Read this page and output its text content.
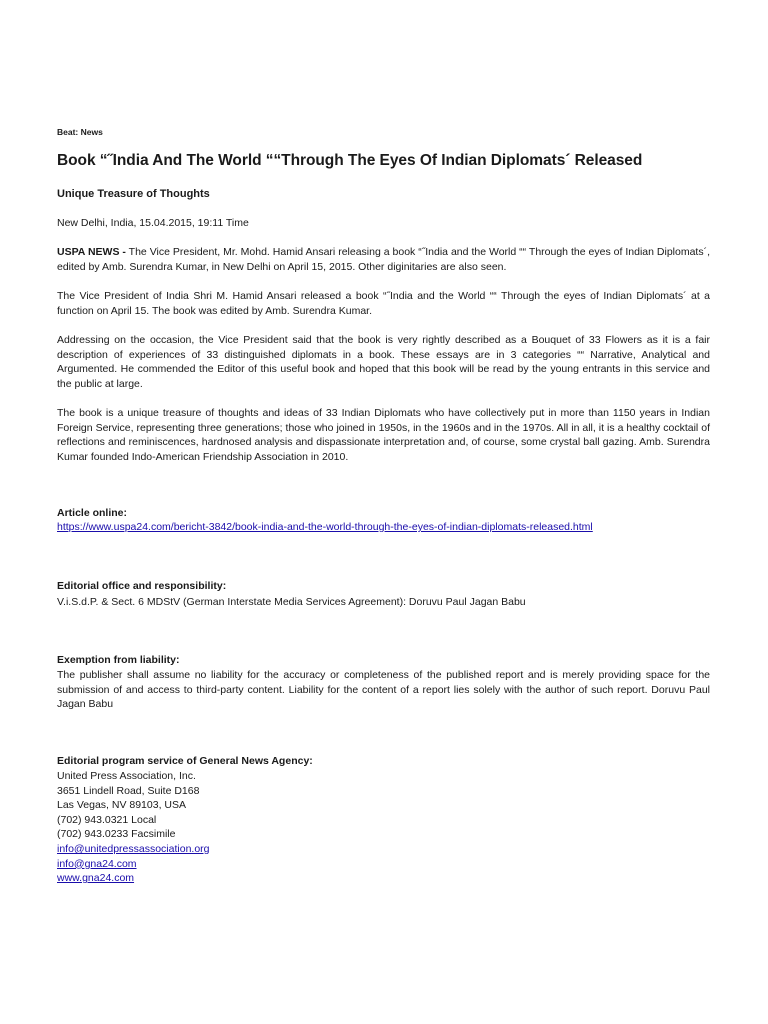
Beat: News
Book “˝India And The World ““Through The Eyes Of Indian Diplomats´ Released
Unique Treasure of Thoughts
New Delhi, India, 15.04.2015, 19:11 Time

USPA NEWS - The Vice President, Mr. Mohd. Hamid Ansari releasing a book “˝India and the World ““ Through the eyes of Indian Diplomats´, edited by Amb. Surendra Kumar, in New Delhi on April 15, 2015. Other diginitaries are also seen.

The Vice President of India Shri M. Hamid Ansari released a book “˝India and the World ““ Through the eyes of Indian Diplomats´ at a function on April 15. The book was edited by Amb. Surendra Kumar.

Addressing on the occasion, the Vice President said that the book is very rightly described as a Bouquet of 33 Flowers as it is a fair description of experiences of 33 distinguished diplomats in a book. These essays are in 3 categories ““ Narrative, Analytical and Argumented. He commended the Editor of this useful book and hoped that this book will be read by the young entrants in this service and the public at large.

The book is a unique treasure of thoughts and ideas of 33 Indian Diplomats who have collectively put in more than 1150 years in Indian Foreign Service, representing three generations; those who joined in 1950s, in the 1960s and in the 1970s. All in all, it is a healthy cocktail of reflections and reminiscences, hardnosed analysis and dispassionate interpretation and, of course, some crystal ball gazing. Amb. Surendra Kumar founded Indo-American Friendship Association in 2010.

Article online:
https://www.uspa24.com/bericht-3842/book-india-and-the-world-through-the-eyes-of-indian-diplomats-released.html
Editorial office and responsibility:
V.i.S.d.P. & Sect. 6 MDStV (German Interstate Media Services Agreement): Doruvu Paul Jagan Babu
Exemption from liability:

The publisher shall assume no liability for the accuracy or completeness of the published report and is merely providing space for the submission of and access to third-party content. Liability for the content of a report lies solely with the author of such report. Doruvu Paul Jagan Babu

Editorial program service of General News Agency:
United Press Association, Inc.
3651 Lindell Road, Suite D168
Las Vegas, NV 89103, USA
(702) 943.0321 Local
(702) 943.0233 Facsimile
info@unitedpressassociation.org
info@gna24.com
www.gna24.com
